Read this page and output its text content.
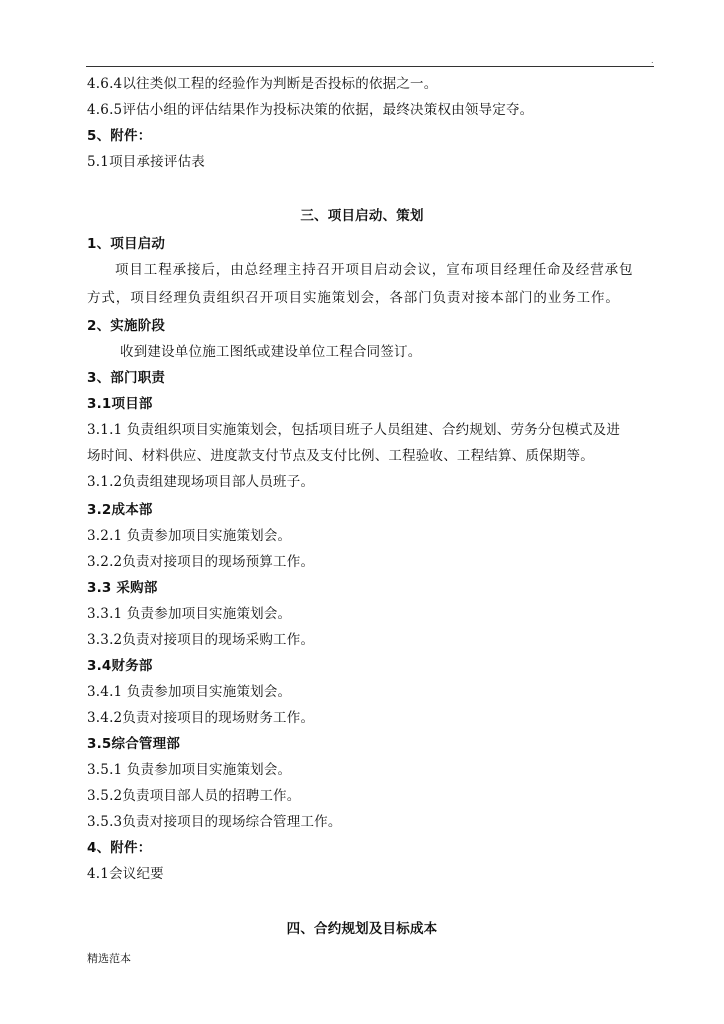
.
4.6.4以往类似工程的经验作为判断是否投标的依据之一。
4.6.5评估小组的评估结果作为投标决策的依据，最终决策权由领导定夺。
5、附件：
5.1项目承接评估表
三、项目启动、策划
1、项目启动
项目工程承接后，由总经理主持召开项目启动会议，宣布项目经理任命及经营承包
方式，项目经理负责组织召开项目实施策划会，各部门负责对接本部门的业务工作。
2、实施阶段
收到建设单位施工图纸或建设单位工程合同签订。
3、部门职责
3.1项目部
3.1.1 负责组织项目实施策划会，包括项目班子人员组建、合约规划、劳务分包模式及进
场时间、材料供应、进度款支付节点及支付比例、工程验收、工程结算、质保期等。
3.1.2负责组建现场项目部人员班子。
3.2成本部
3.2.1 负责参加项目实施策划会。
3.2.2负责对接项目的现场预算工作。
3.3 采购部
3.3.1 负责参加项目实施策划会。
3.3.2负责对接项目的现场采购工作。
3.4财务部
3.4.1 负责参加项目实施策划会。
3.4.2负责对接项目的现场财务工作。
3.5综合管理部
3.5.1 负责参加项目实施策划会。
3.5.2负责项目部人员的招聘工作。
3.5.3负责对接项目的现场综合管理工作。
4、附件：
4.1会议纪要
四、合约规划及目标成本
精选范本
